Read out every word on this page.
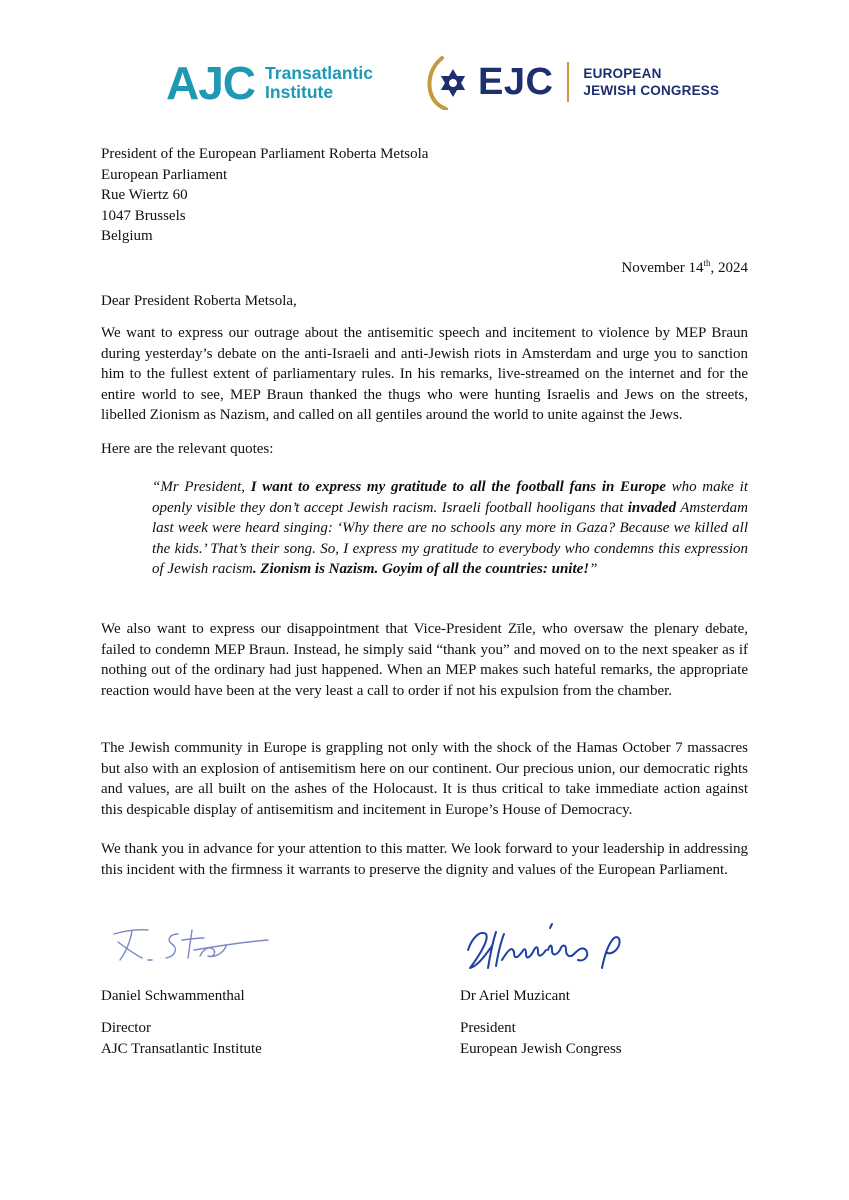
AJC Transatlantic
Institute	EJC EUROPEAN
JEWISH CONGRESS
President of the European Parliament Roberta Metsola
European Parliament
Rue Wiertz 60
1047 Brussels
Belgium
November 14th, 2024
Dear President Roberta Metsola,
We want to express our outrage about the antisemitic speech and incitement to violence by MEP Braun during yesterday’s debate on the anti-Israeli and anti-Jewish riots in Amsterdam and urge you to sanction him to the fullest extent of parliamentary rules. In his remarks, live-streamed on the internet and for the entire world to see, MEP Braun thanked the thugs who were hunting Israelis and Jews on the streets, libelled Zionism as Nazism, and called on all gentiles around the world to unite against the Jews.
Here are the relevant quotes:
“Mr President, I want to express my gratitude to all the football fans in Europe who make it openly visible they don’t accept Jewish racism. Israeli football hooligans that invaded Amsterdam last week were heard singing: ‘Why there are no schools any more in Gaza? Because we killed all the kids.’ That’s their song. So, I express my gratitude to everybody who condemns this expression of Jewish racism. Zionism is Nazism. Goyim of all the countries: unite!”
We also want to express our disappointment that Vice-President Zīle, who oversaw the plenary debate, failed to condemn MEP Braun. Instead, he simply said “thank you” and moved on to the next speaker as if nothing out of the ordinary had just happened. When an MEP makes such hateful remarks, the appropriate reaction would have been at the very least a call to order if not his expulsion from the chamber.
The Jewish community in Europe is grappling not only with the shock of the Hamas October 7 massacres but also with an explosion of antisemitism here on our continent. Our precious union, our democratic rights and values, are all built on the ashes of the Holocaust. It is thus critical to take immediate action against this despicable display of antisemitism and incitement in Europe’s House of Democracy.
We thank you in advance for your attention to this matter. We look forward to your leadership in addressing this incident with the firmness it warrants to preserve the dignity and values of the European Parliament.
Daniel Schwammenthal
Director
AJC Transatlantic Institute
Dr Ariel Muzicant
President
European Jewish Congress
